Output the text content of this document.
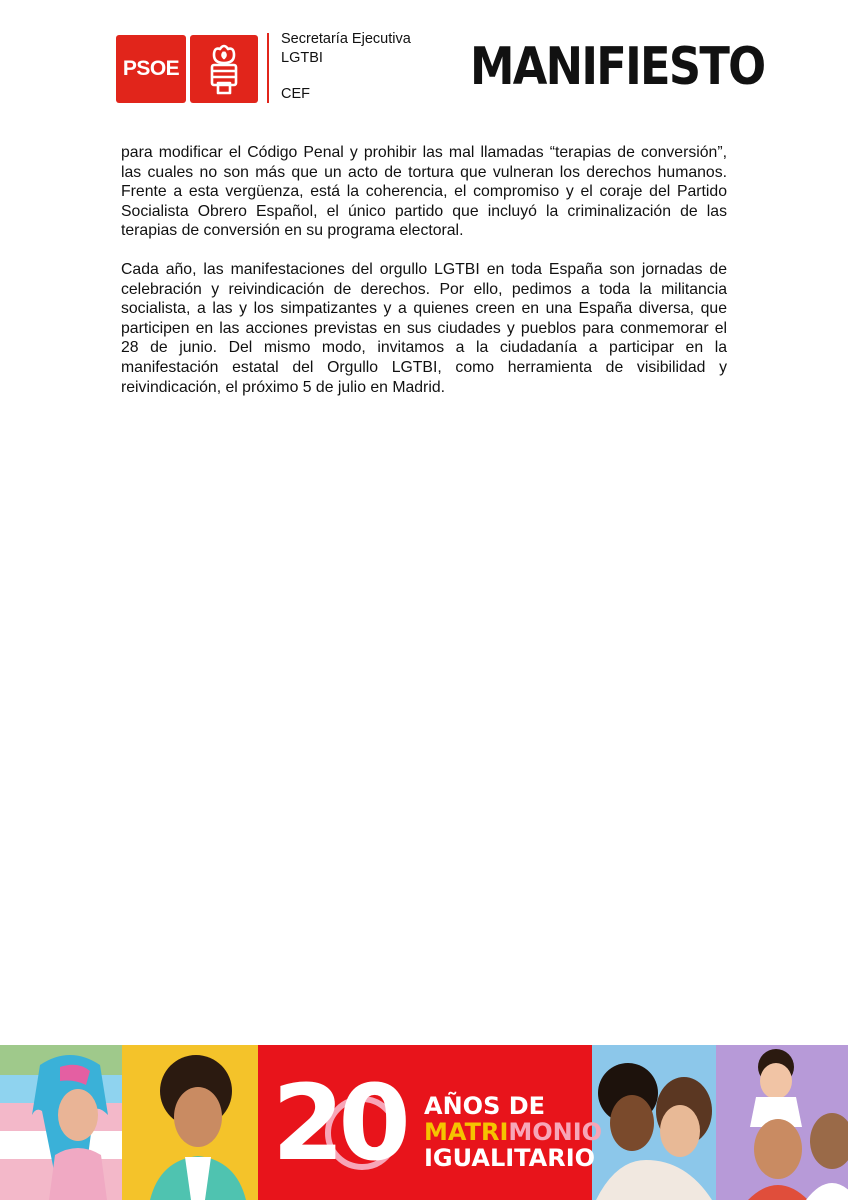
PSOE
Secretaría Ejecutiva
LGTBI
CEF	MANIFIESTO

para modificar el Código Penal y prohibir las mal llamadas “terapias de conversión”, las cuales no son más que un acto de tortura que vulneran los derechos humanos. Frente a esta vergüenza, está la coherencia, el compromiso y el coraje del Partido Socialista Obrero Español, el único partido que incluyó la criminalización de las terapias de conversión en su programa electoral.

Cada año, las manifestaciones del orgullo LGTBI en toda España son jornadas de celebración y reivindicación de derechos. Por ello, pedimos a toda la militancia socialista, a las y los simpatizantes y a quienes creen en una España diversa, que participen en las acciones previstas en sus ciudades y pueblos para conmemorar el 28 de junio. Del mismo modo, invitamos a la ciudadanía a participar en la manifestación estatal del Orgullo LGTBI, como herramienta de visibilidad y reivindicación, el próximo 5 de julio en Madrid.

20 AÑOS DE
MATRIMONIO
IGUALITARIO
